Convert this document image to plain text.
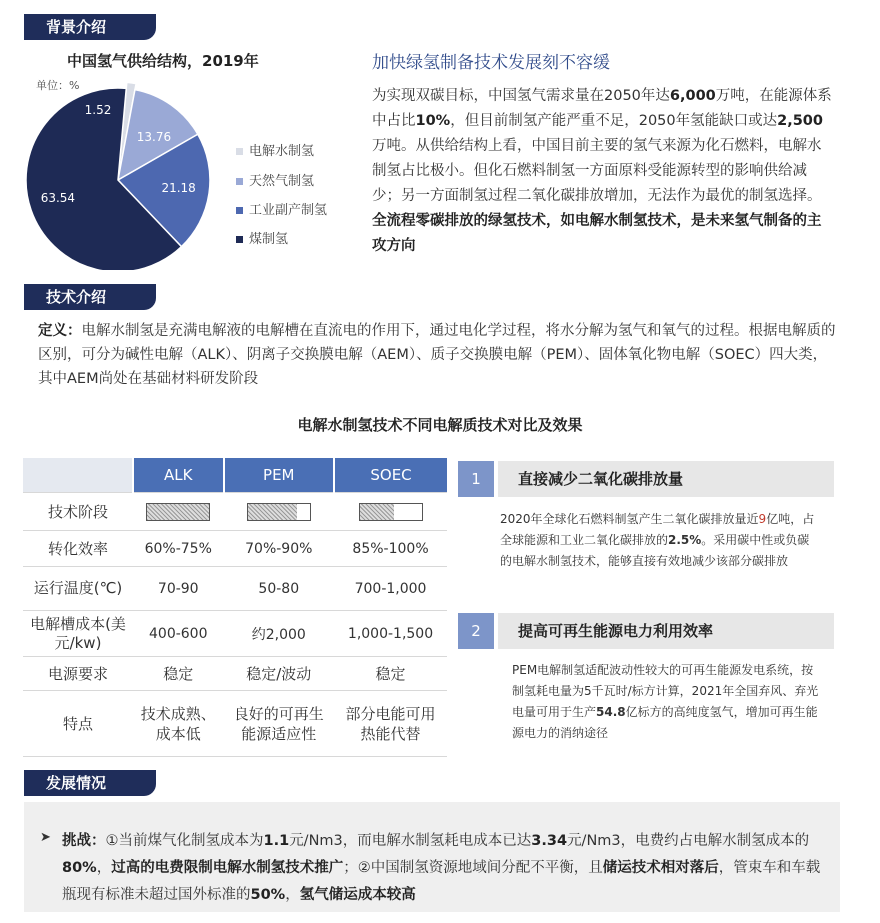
背景介绍
中国氢气供给结构，2019年
单位：%
1.52
13.76
21.18
63.54
电解水制氢
天然气制氢
工业副产制氢
煤制氢
加快绿氢制备技术发展刻不容缓
为实现双碳目标，中国氢气需求量在2050年达6,000万吨，在能源体系中占比10%，但目前制氢产能严重不足，2050年氢能缺口或达2,500万吨。从供给结构上看，中国目前主要的氢气来源为化石燃料，电解水制氢占比极小。但化石燃料制氢一方面原料受能源转型的影响供给减少；另一方面制氢过程二氧化碳排放增加，无法作为最优的制氢选择。全流程零碳排放的绿氢技术，如电解水制氢技术，是未来氢气制备的主攻方向
技术介绍
定义：电解水制氢是充满电解液的电解槽在直流电的作用下，通过电化学过程，将水分解为氢气和氧气的过程。根据电解质的区别，可分为碱性电解（ALK）、阴离子交换膜电解（AEM）、质子交换膜电解（PEM）、固体氧化物电解（SOEC）四大类，其中AEM尚处在基础材料研发阶段
电解水制氢技术不同电解质技术对比及效果
	ALK	PEM	SOEC
技术阶段	

转化效率	60%-75%	70%-90%	85%-100%
运行温度(℃)	70-90	50-80	700-1,000
电解槽成本(美元/kw)	400-600	约2,000	1,000-1,500
电源要求	稳定	稳定/波动	稳定
特点	技术成熟、成本低	良好的可再生能源适应性	部分电能可用热能代替
1	直接减少二氧化碳排放量
2020年全球化石燃料制氢产生二氧化碳排放量近9亿吨，占全球能源和工业二氧化碳排放的2.5%。采用碳中性或负碳的电解水制氢技术，能够直接有效地减少该部分碳排放
2	提高可再生能源电力利用效率
PEM电解制氢适配波动性较大的可再生能源发电系统，按制氢耗电量为5千瓦时/标方计算，2021年全国弃风、弃光电量可用于生产54.8亿标方的高纯度氢气，增加可再生能源电力的消纳途径
发展情况
➤ 挑战：①当前煤气化制氢成本为1.1元/Nm3，而电解水制氢耗电成本已达3.34元/Nm3，电费约占电解水制氢成本的80%，过高的电费限制电解水制氢技术推广；②中国制氢资源地域间分配不平衡，且储运技术相对落后，管束车和车载瓶现有标准未超过国外标准的50%，氢气储运成本较高
